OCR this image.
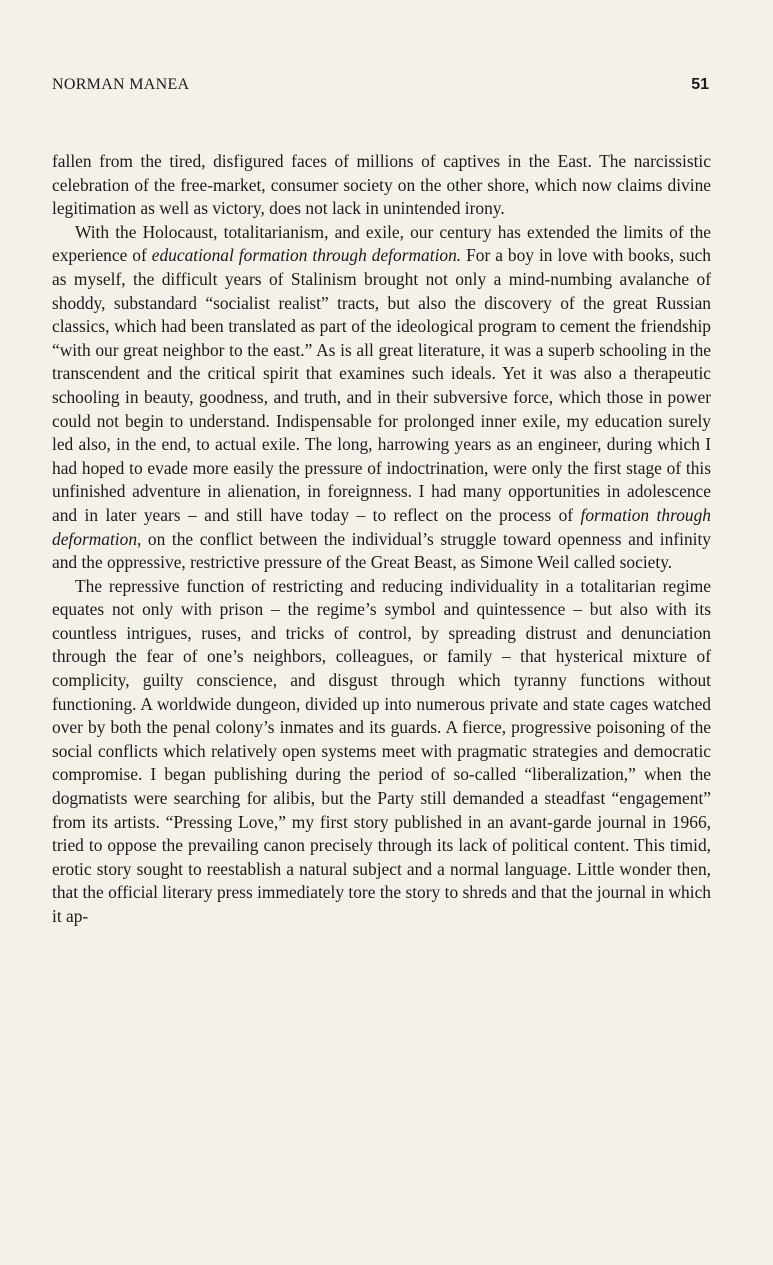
NORMAN MANEA	51

fallen from the tired, disfigured faces of millions of captives in the East. The narcissistic celebration of the free-market, consumer society on the other shore, which now claims divine legitimation as well as victory, does not lack in unintended irony.

With the Holocaust, totalitarianism, and exile, our century has extended the limits of the experience of educational formation through deformation. For a boy in love with books, such as myself, the difficult years of Stalinism brought not only a mind-numbing avalanche of shoddy, substandard “socialist realist” tracts, but also the discovery of the great Russian classics, which had been translated as part of the ideological program to cement the friendship “with our great neighbor to the east.” As is all great literature, it was a superb schooling in the transcendent and the critical spirit that examines such ideals. Yet it was also a therapeutic schooling in beauty, goodness, and truth, and in their subversive force, which those in power could not begin to understand. Indispensable for prolonged inner exile, my education surely led also, in the end, to actual exile. The long, harrowing years as an engineer, during which I had hoped to evade more easily the pressure of indoctrination, were only the first stage of this unfinished adventure in alienation, in foreignness. I had many opportunities in adolescence and in later years – and still have today – to reflect on the process of formation through deformation, on the conflict between the individual’s struggle toward openness and infinity and the oppressive, restrictive pressure of the Great Beast, as Simone Weil called society.

The repressive function of restricting and reducing individuality in a totalitarian regime equates not only with prison – the regime’s symbol and quintessence – but also with its countless intrigues, ruses, and tricks of control, by spreading distrust and denunciation through the fear of one’s neighbors, colleagues, or family – that hysterical mixture of complicity, guilty conscience, and disgust through which tyranny functions without functioning. A worldwide dungeon, divided up into numerous private and state cages watched over by both the penal colony’s inmates and its guards. A fierce, progressive poisoning of the social conflicts which relatively open systems meet with pragmatic strategies and democratic compromise. I began publishing during the period of so-called “liberalization,” when the dogmatists were searching for alibis, but the Party still demanded a steadfast “engagement” from its artists. “Pressing Love,” my first story published in an avant-garde journal in 1966, tried to oppose the prevailing canon precisely through its lack of political content. This timid, erotic story sought to reestablish a natural subject and a normal language. Little wonder then, that the official literary press immediately tore the story to shreds and that the journal in which it ap-
